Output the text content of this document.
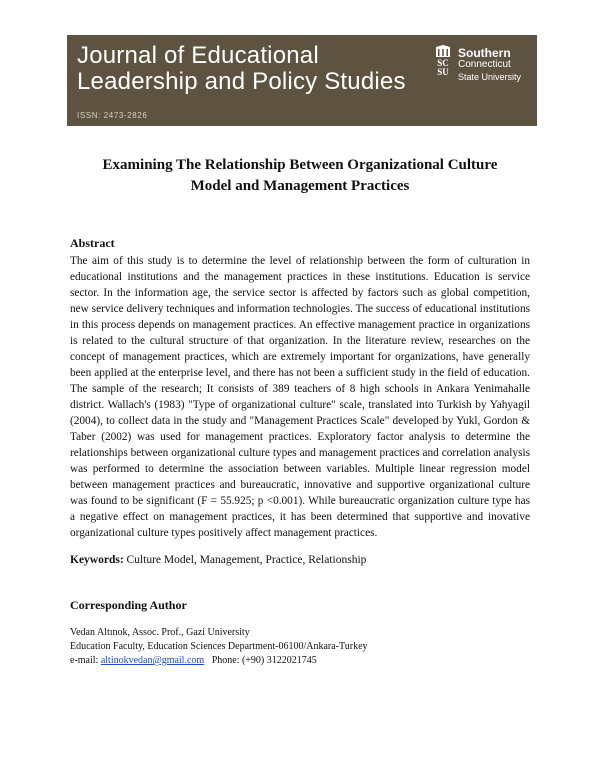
Journal of Educational
Leadership and Policy Studies
ISSN: 2473-2826
SC SU
Southern
Connecticut
State University
Examining The Relationship Between Organizational Culture
Model and Management Practices
Abstract

The aim of this study is to determine the level of relationship between the form of culturation in educational institutions and the management practices in these institutions. Education is service sector. In the information age, the service sector is affected by factors such as global competition, new service delivery techniques and information technologies. The success of educational institutions in this process depends on management practices. An effective management practice in organizations is related to the cultural structure of that organization. In the literature review, researches on the concept of management practices, which are extremely important for organizations, have generally been applied at the enterprise level, and there has not been a sufficient study in the field of education. The sample of the research; It consists of 389 teachers of 8 high schools in Ankara Yenimahalle district. Wallach's (1983) "Type of organizational culture" scale, translated into Turkish by Yahyagil (2004), to collect data in the study and "Management Practices Scale" developed by Yukl, Gordon & Taber (2002) was used for management practices. Exploratory factor analysis to determine the relationships between organizational culture types and management practices and correlation analysis was performed to determine the association between variables. Multiple linear regression model between management practices and bureaucratic, innovative and supportive organizational culture was found to be significant (F = 55.925; p <0.001). While bureaucratic organization culture type has a negative effect on management practices, it has been determined that supportive and inovative organizational culture types positively affect management practices.

Keywords: Culture Model, Management, Practice, Relationship
Corresponding Author
Vedan Altınok, Assoc. Prof., Gazi University
Education Faculty, Education Sciences Department-06100/Ankara-Turkey
e-mail: altinokvedan@gmail.com Phone: (+90) 3122021745
